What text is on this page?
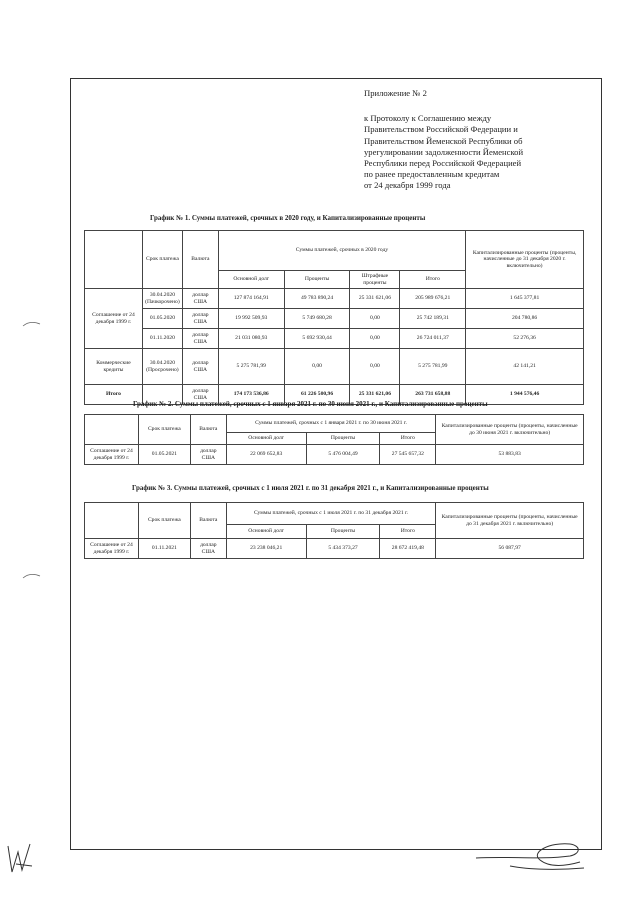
Приложение № 2
к Протоколу к Соглашению между
Правительством Российской Федерации и
Правительством Йеменской Республики об
урегулировании задолженности Йеменской
Республики перед Российской Федерацией
по ранее предоставленным кредитам
от 24 декабря 1999 года
График № 1. Суммы платежей, срочных в 2020 году, и Капитализированные проценты
	Срок платежа	Валюта	Суммы платежей, срочных в 2020 году				Капитализированные проценты (проценты, начисленные до 31 декабря 2020 г. включительно)
			Основной долг	Проценты	Штрафные проценты	Итого	
Соглашение от 24 декабря 1999 г.	30.04.2020 (Пачкорочено)	доллар США	127 874 164,91	49 783 890,24	25 331 621,06	205 989 676,21	1 645 377,81
	01.05.2020	доллар США	19 992 509,93	5 749 680,28	0,00	25 742 189,31	204 780,86
	01.11.2020	доллар США	21 031 080,93	5 692 930,44	0,00	26 724 011,37	52 276,36
Коммерческие кредиты	30.04.2020 (Просрочено)	доллар США	5 275 781,99	0,00	0,00	5 275 781,99	42 141,21
Итого		доллар США	174 173 536,86	61 226 500,96	25 331 621,06	263 731 658,88	1 944 576,46
График № 2. Суммы платежей, срочных с 1 января 2021 г. по 30 июня 2021 г., и Капитализированные проценты
	Срок платежа	Валюта	Суммы платежей, срочных с 1 января 2021 г. по 30 июня 2021 г.			Капитализированные проценты (проценты, начисленные до 30 июня 2021 г. включительно)
			Основной долг	Проценты	Итого	
Соглашение от 24 декабря 1999 г.	01.05.2021	доллар США	22 069 652,83	5 476 004,49	27 545 657,32	53 883,83
График № 3. Суммы платежей, срочных с 1 июля 2021 г. по 31 декабря 2021 г., и Капитализированные проценты
	Срок платежа	Валюта	Суммы платежей, срочных с 1 июля 2021 г. по 31 декабря 2021 г.			Капитализированные проценты (проценты, начисленные до 31 декабря 2021 г. включительно)
			Основной долг	Проценты	Итого	
Соглашение от 24 декабря 1999 г.	01.11.2021	доллар США	23 238 046,21	5 434 373,27	28 672 419,48	56 087,97
